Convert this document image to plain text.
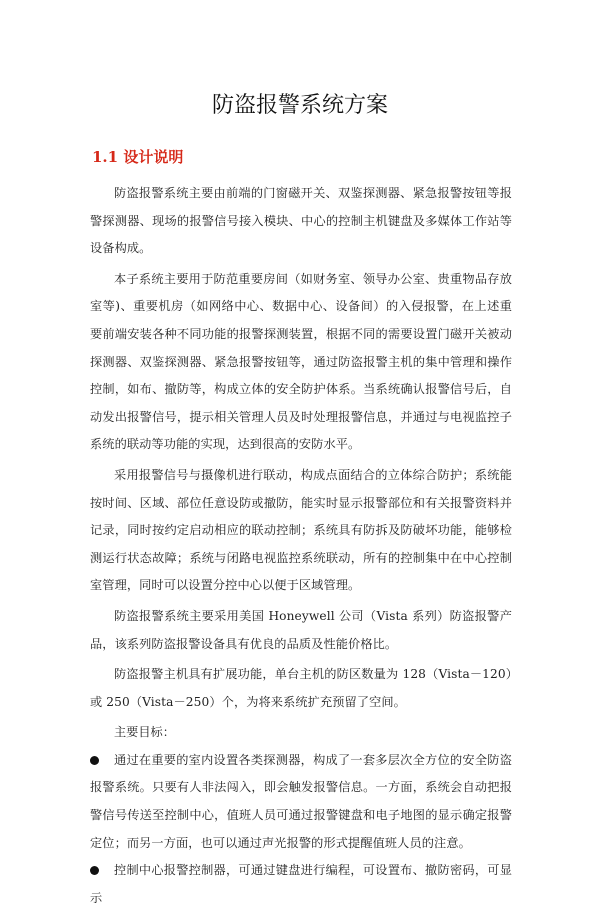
防盗报警系统方案
1.1 设计说明

防盗报警系统主要由前端的门窗磁开关、双鉴探测器、紧急报警按钮等报警探测器、现场的报警信号接入模块、中心的控制主机键盘及多媒体工作站等设备构成。

本子系统主要用于防范重要房间（如财务室、领导办公室、贵重物品存放室等)、重要机房（如网络中心、数据中心、设备间）的入侵报警，在上述重要前端安装各种不同功能的报警探测装置，根据不同的需要设置门磁开关被动探测器、双鉴探测器、紧急报警按钮等，通过防盗报警主机的集中管理和操作控制，如布、撤防等，构成立体的安全防护体系。当系统确认报警信号后，自动发出报警信号，提示相关管理人员及时处理报警信息，并通过与电视监控子系统的联动等功能的实现，达到很高的安防水平。

采用报警信号与摄像机进行联动，构成点面结合的立体综合防护；系统能按时间、区域、部位任意设防或撤防，能实时显示报警部位和有关报警资料并记录，同时按约定启动相应的联动控制；系统具有防拆及防破坏功能，能够检测运行状态故障；系统与闭路电视监控系统联动，所有的控制集中在中心控制室管理，同时可以设置分控中心以便于区域管理。

防盗报警系统主要采用美国 Honeywell 公司（Vista 系列）防盗报警产品，该系列防盗报警设备具有优良的品质及性能价格比。

防盗报警主机具有扩展功能，单台主机的防区数量为 128（Vista－120）或 250（Vista－250）个，为将来系统扩充预留了空间。

主要目标：

通过在重要的室内设置各类探测器，构成了一套多层次全方位的安全防盗报警系统。只要有人非法闯入，即会触发报警信息。一方面，系统会自动把报警信号传送至控制中心，值班人员可通过报警键盘和电子地图的显示确定报警定位；而另一方面，也可以通过声光报警的形式提醒值班人员的注意。
控制中心报警控制器，可通过键盘进行编程，可设置布、撤防密码，可显示
